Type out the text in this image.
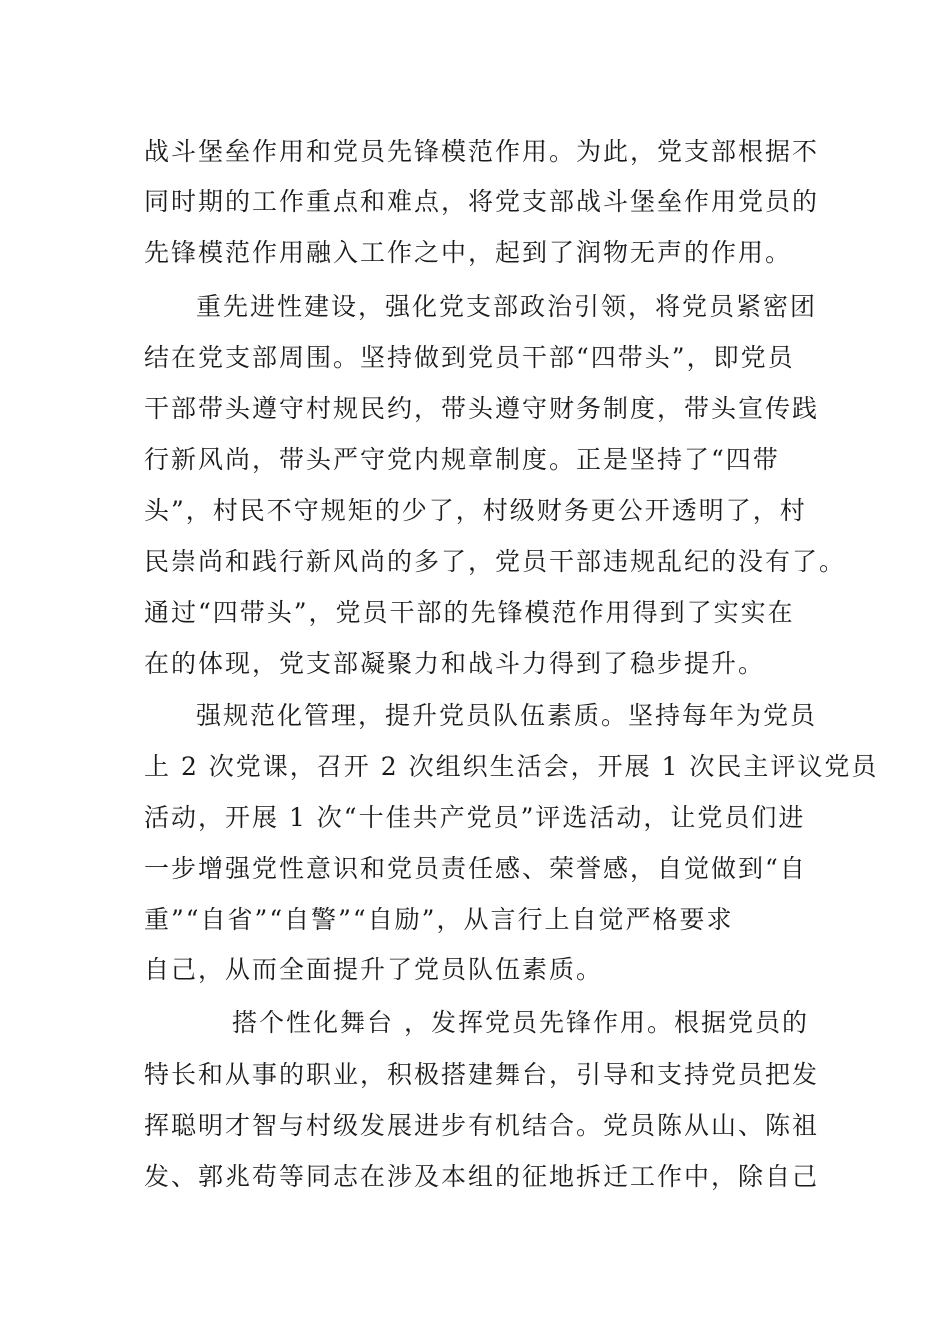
战斗堡垒作用和党员先锋模范作用。为此，党支部根据不
同时期的工作重点和难点，将党支部战斗堡垒作用党员的
先锋模范作用融入工作之中，起到了润物无声的作用。
重先进性建设，强化党支部政治引领，将党员紧密团
结在党支部周围。坚持做到党员干部“四带头”，即党员
干部带头遵守村规民约，带头遵守财务制度，带头宣传践
行新风尚，带头严守党内规章制度。正是坚持了“四带
头”，村民不守规矩的少了，村级财务更公开透明了，村
民崇尚和践行新风尚的多了，党员干部违规乱纪的没有了。
通过“四带头”，党员干部的先锋模范作用得到了实实在
在的体现，党支部凝聚力和战斗力得到了稳步提升。
强规范化管理，提升党员队伍素质。坚持每年为党员
上 2 次党课，召开 2 次组织生活会，开展 1 次民主评议党员
活动，开展 1 次“十佳共产党员”评选活动，让党员们进
一步增强党性意识和党员责任感、荣誉感，自觉做到“自
重”“自省”“自警”“自励”，从言行上自觉严格要求
自己，从而全面提升了党员队伍素质。
搭个性化舞台 ，发挥党员先锋作用。根据党员的
特长和从事的职业，积极搭建舞台，引导和支持党员把发
挥聪明才智与村级发展进步有机结合。党员陈从山、陈祖
发、郭兆苟等同志在涉及本组的征地拆迁工作中，除自己
